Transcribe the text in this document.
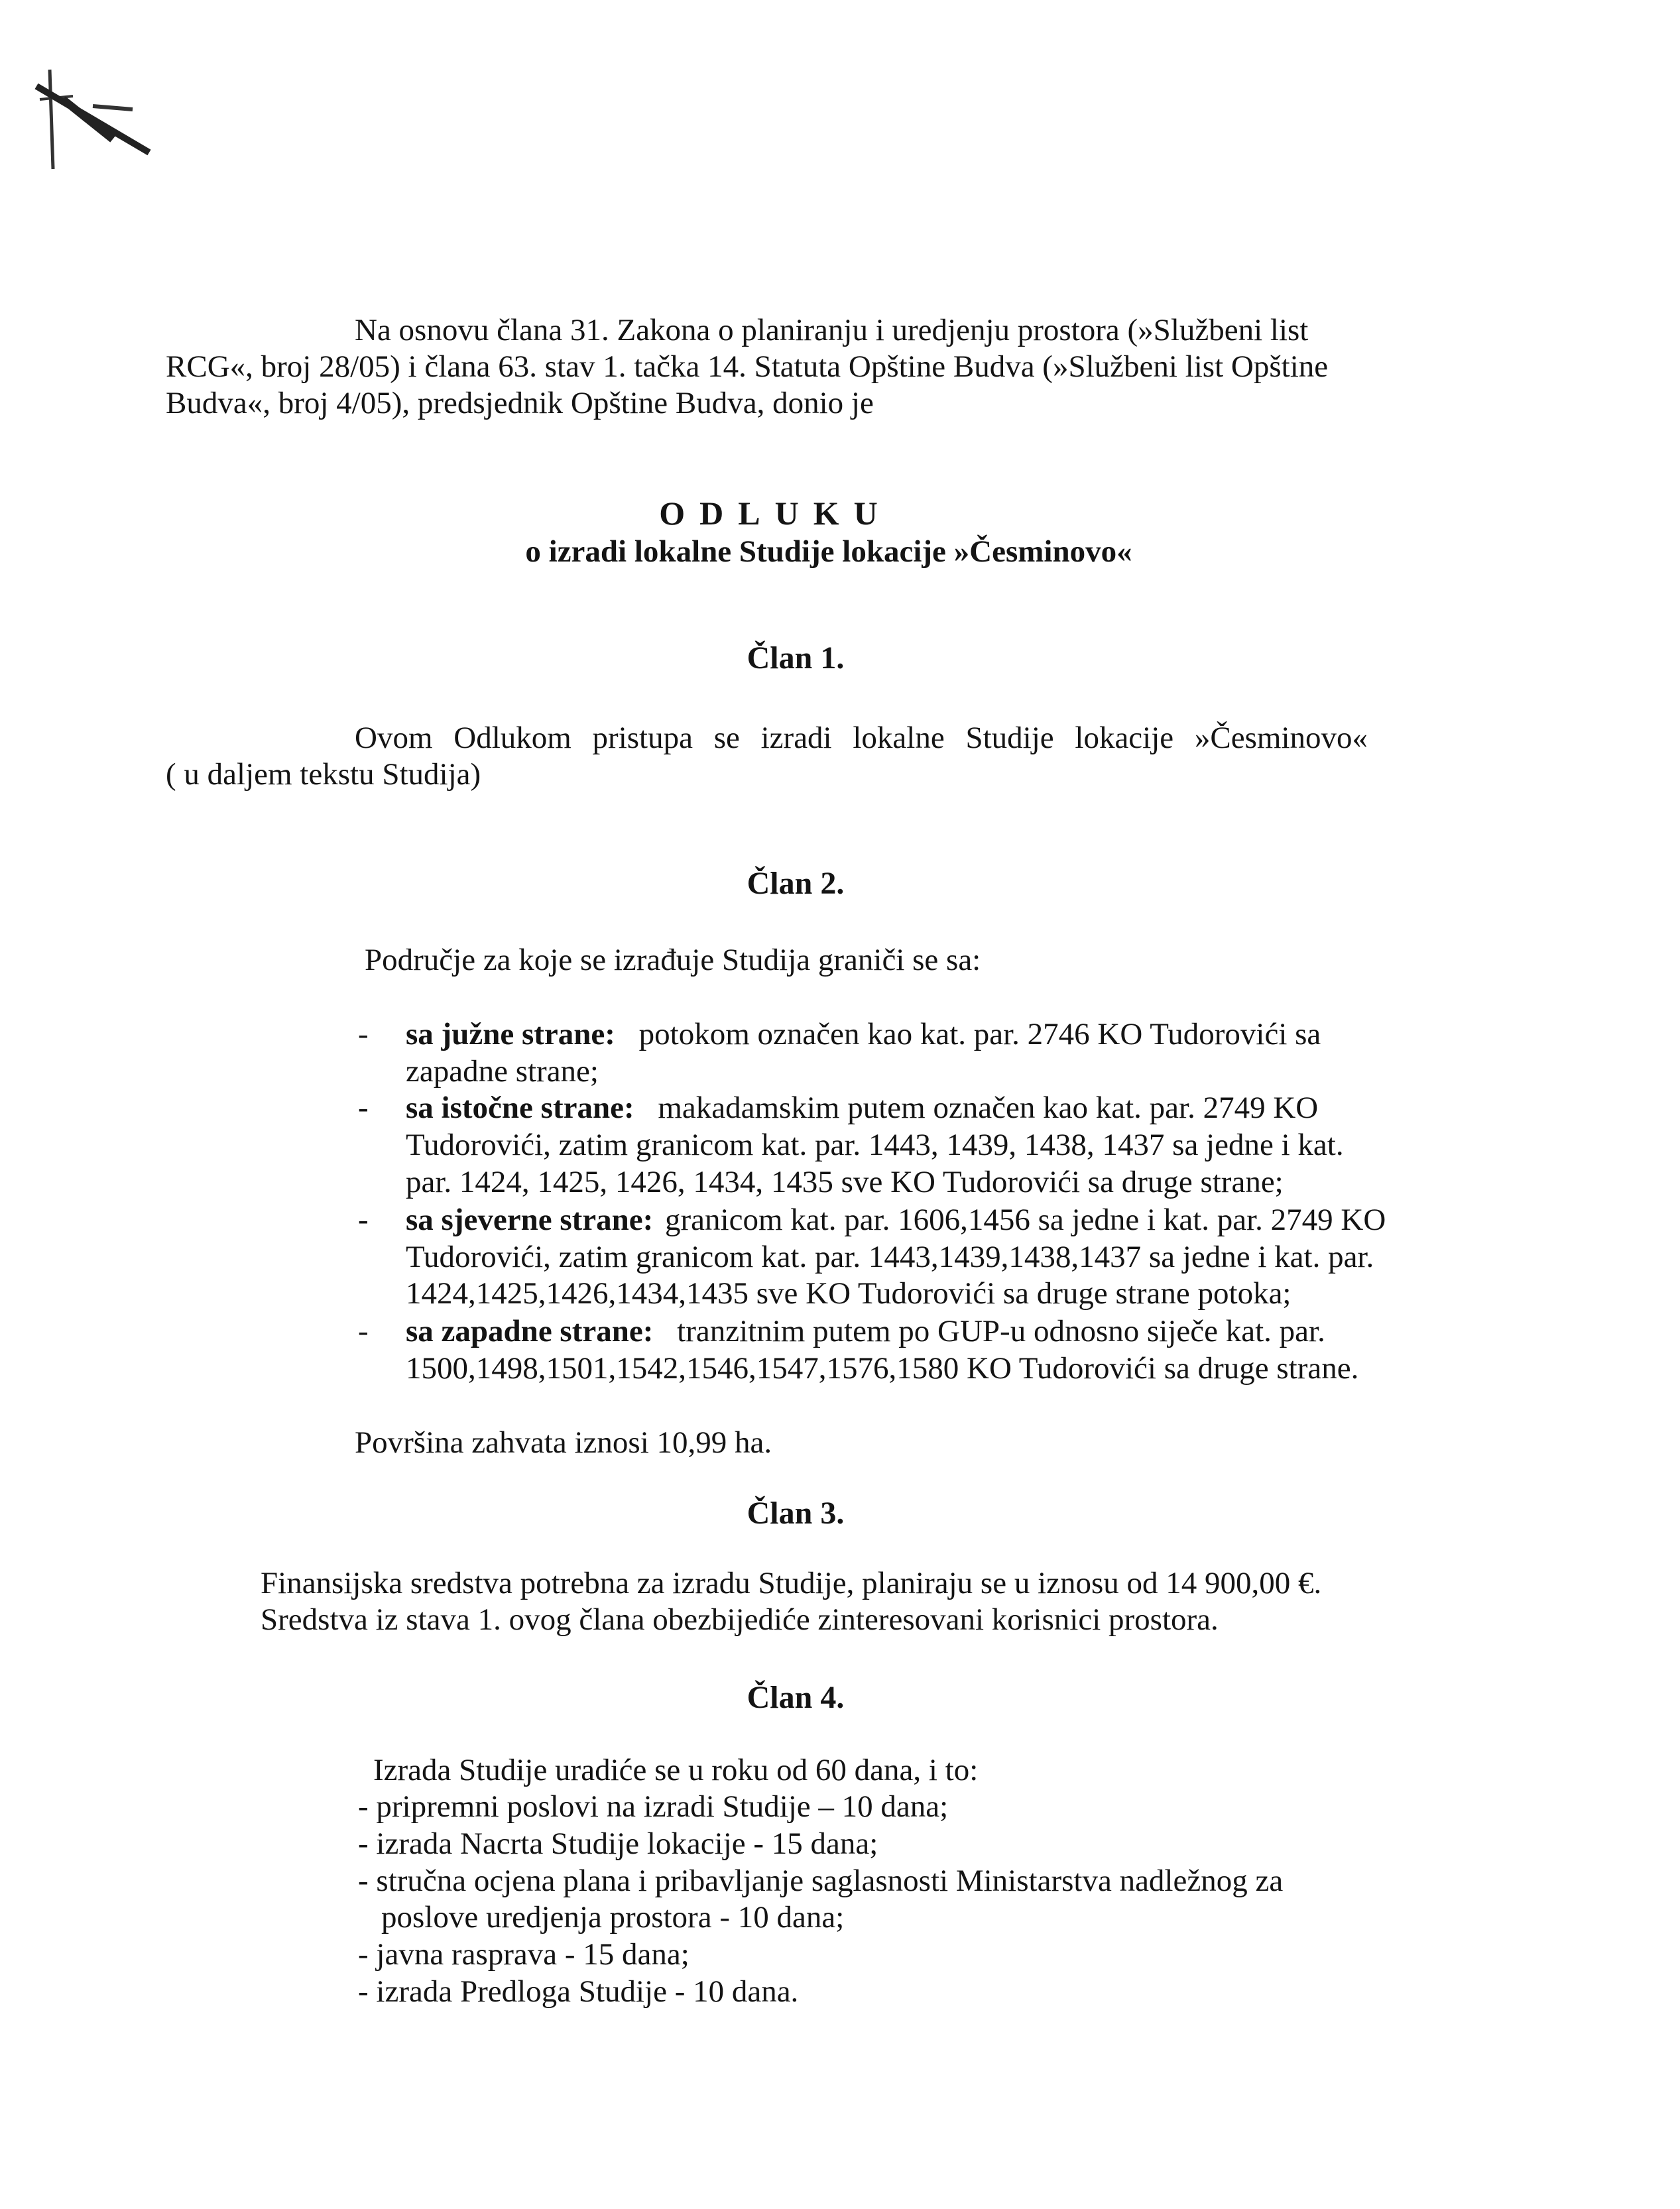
Na osnovu člana 31. Zakona o planiranju i uredjenju prostora (»Službeni list

RCG«, broj 28/05) i člana 63. stav 1. tačka 14. Statuta Opštine Budva (»Službeni list Opštine

Budva«, broj 4/05), predsjednik Opštine Budva, donio je

ODLUKU
o izradi lokalne Studije lokacije »Česminovo«
Član 1.

Ovom Odlukom pristupa se izradi lokalne Studije lokacije »Česminovo«

( u daljem tekstu Studija)

Član 2.

Područje za koje se izrađuje Studija graniči se sa:

- sa južne strane: potokom označen kao kat. par. 2746 KO Tudorovići sa

zapadne strane;

- sa istočne strane: makadamskim putem označen kao kat. par. 2749 KO

Tudorovići, zatim granicom kat. par. 1443, 1439, 1438, 1437 sa jedne i kat.

par. 1424, 1425, 1426, 1434, 1435 sve KO Tudorovići sa druge strane;

- sa sjeverne strane: granicom kat. par. 1606,1456 sa jedne i kat. par. 2749 KO

Tudorovići, zatim granicom kat. par. 1443,1439,1438,1437 sa jedne i kat. par.

1424,1425,1426,1434,1435 sve KO Tudorovići sa druge strane potoka;

- sa zapadne strane: tranzitnim putem po GUP-u odnosno siječe kat. par.

1500,1498,1501,1542,1546,1547,1576,1580 KO Tudorovići sa druge strane.

Površina zahvata iznosi 10,99 ha.

Član 3.

Finansijska sredstva potrebna za izradu Studije, planiraju se u iznosu od 14 900,00 €.

Sredstva iz stava 1. ovog člana obezbijediće zinteresovani korisnici prostora.

Član 4.

Izrada Studije uradiće se u roku od 60 dana, i to:

- pripremni poslovi na izradi Studije – 10 dana;

- izrada Nacrta Studije lokacije - 15 dana;

- stručna ocjena plana i pribavljanje saglasnosti Ministarstva nadležnog za

poslove uredjenja prostora - 10 dana;

- javna rasprava - 15 dana;

- izrada Predloga Studije - 10 dana.
